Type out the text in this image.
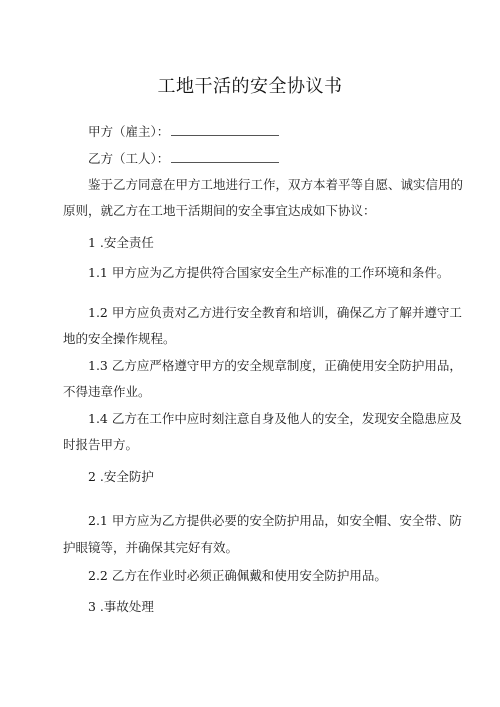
工地干活的安全协议书
甲方（雇主）：
乙方（工人）：
鉴于乙方同意在甲方工地进行工作，双方本着平等自愿、诚实信用的
原则，就乙方在工地干活期间的安全事宜达成如下协议：
1 .安全责任
1.1 甲方应为乙方提供符合国家安全生产标准的工作环境和条件。
1.2 甲方应负责对乙方进行安全教育和培训，确保乙方了解并遵守工
地的安全操作规程。
1.3 乙方应严格遵守甲方的安全规章制度，正确使用安全防护用品，
不得违章作业。
1.4 乙方在工作中应时刻注意自身及他人的安全，发现安全隐患应及
时报告甲方。
2 .安全防护
2.1 甲方应为乙方提供必要的安全防护用品，如安全帽、安全带、防
护眼镜等，并确保其完好有效。
2.2 乙方在作业时必须正确佩戴和使用安全防护用品。
3 .事故处理
